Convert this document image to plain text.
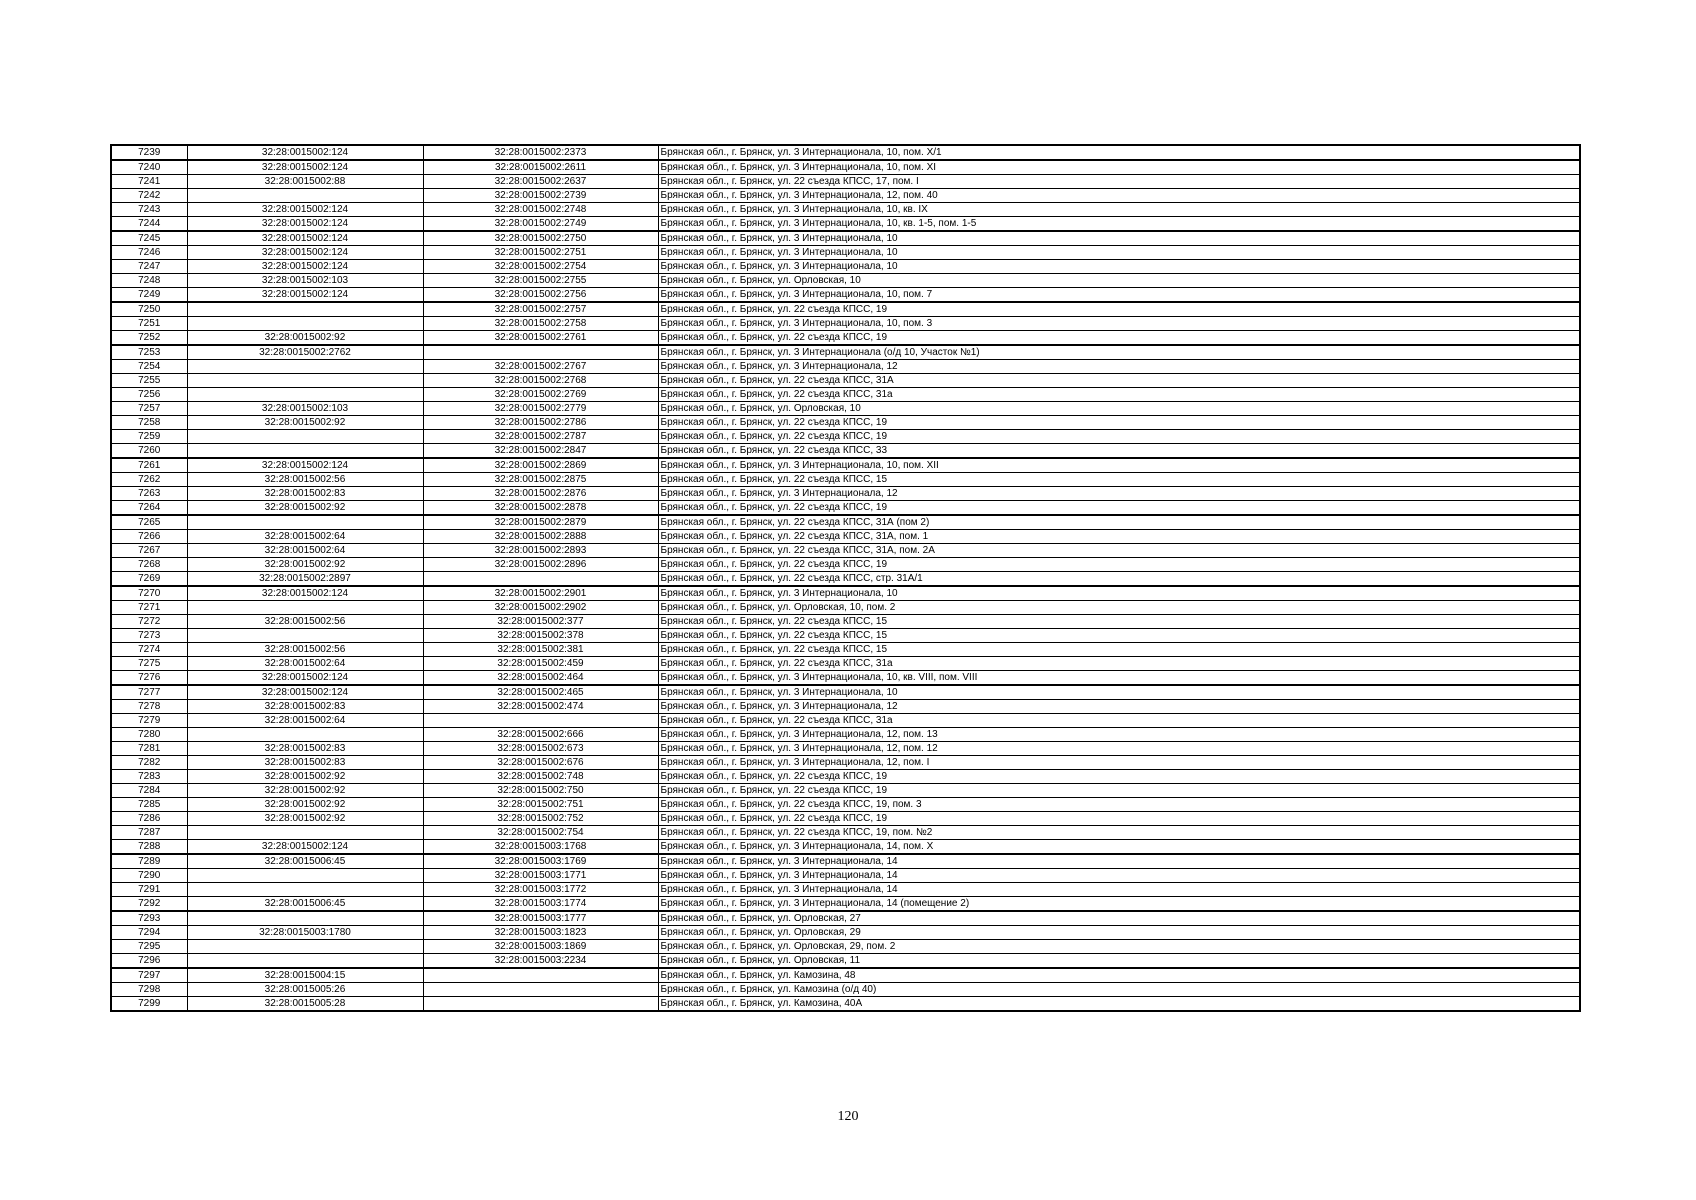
7239	32:28:0015002:124	32:28:0015002:2373	Брянская обл., г. Брянск, ул. 3 Интернационала, 10, пом. Х/1
7240	32:28:0015002:124	32:28:0015002:2611	Брянская обл., г. Брянск, ул. 3 Интернационала, 10, пом. XI
7241	32:28:0015002:88	32:28:0015002:2637	Брянская обл., г. Брянск, ул. 22 съезда КПСС, 17, пом. I
7242		32:28:0015002:2739	Брянская обл., г. Брянск, ул. 3 Интернационала, 12, пом. 40
7243	32:28:0015002:124	32:28:0015002:2748	Брянская обл., г. Брянск, ул. 3 Интернационала, 10, кв. IX
7244	32:28:0015002:124	32:28:0015002:2749	Брянская обл., г. Брянск, ул. 3 Интернационала, 10, кв. 1-5, пом. 1-5
7245	32:28:0015002:124	32:28:0015002:2750	Брянская обл., г. Брянск, ул. 3 Интернационала, 10
7246	32:28:0015002:124	32:28:0015002:2751	Брянская обл., г. Брянск, ул. 3 Интернационала, 10
7247	32:28:0015002:124	32:28:0015002:2754	Брянская обл., г. Брянск, ул. 3 Интернационала, 10
7248	32:28:0015002:103	32:28:0015002:2755	Брянская обл., г. Брянск, ул. Орловская, 10
7249	32:28:0015002:124	32:28:0015002:2756	Брянская обл., г. Брянск, ул. 3 Интернационала, 10, пом. 7
7250		32:28:0015002:2757	Брянская обл., г. Брянск, ул. 22 съезда КПСС, 19
7251		32:28:0015002:2758	Брянская обл., г. Брянск, ул. 3 Интернационала, 10, пом. 3
7252	32:28:0015002:92	32:28:0015002:2761	Брянская обл., г. Брянск, ул. 22 съезда КПСС, 19
7253	32:28:0015002:2762		Брянская обл., г. Брянск, ул. 3 Интернационала (о/д 10, Участок №1)
7254		32:28:0015002:2767	Брянская обл., г. Брянск, ул. 3 Интернационала, 12
7255		32:28:0015002:2768	Брянская обл., г. Брянск, ул. 22 съезда КПСС, 31А
7256		32:28:0015002:2769	Брянская обл., г. Брянск, ул. 22 съезда КПСС, 31а
7257	32:28:0015002:103	32:28:0015002:2779	Брянская обл., г. Брянск, ул. Орловская, 10
7258	32:28:0015002:92	32:28:0015002:2786	Брянская обл., г. Брянск, ул. 22 съезда КПСС, 19
7259		32:28:0015002:2787	Брянская обл., г. Брянск, ул. 22 съезда КПСС, 19
7260		32:28:0015002:2847	Брянская обл., г. Брянск, ул. 22 съезда КПСС, 33
7261	32:28:0015002:124	32:28:0015002:2869	Брянская обл., г. Брянск, ул. 3 Интернационала, 10, пом. XII
7262	32:28:0015002:56	32:28:0015002:2875	Брянская обл., г. Брянск, ул. 22 съезда КПСС, 15
7263	32:28:0015002:83	32:28:0015002:2876	Брянская обл., г. Брянск, ул. 3 Интернационала, 12
7264	32:28:0015002:92	32:28:0015002:2878	Брянская обл., г. Брянск, ул. 22 съезда КПСС, 19
7265		32:28:0015002:2879	Брянская обл., г. Брянск, ул. 22 съезда КПСС, 31А (пом 2)
7266	32:28:0015002:64	32:28:0015002:2888	Брянская обл., г. Брянск, ул. 22 съезда КПСС, 31А, пом. 1
7267	32:28:0015002:64	32:28:0015002:2893	Брянская обл., г. Брянск, ул. 22 съезда КПСС, 31А, пом. 2А
7268	32:28:0015002:92	32:28:0015002:2896	Брянская обл., г. Брянск, ул. 22 съезда КПСС, 19
7269	32:28:0015002:2897		Брянская обл., г. Брянск, ул. 22 съезда КПСС, стр. 31А/1
7270	32:28:0015002:124	32:28:0015002:2901	Брянская обл., г. Брянск, ул. 3 Интернационала, 10
7271		32:28:0015002:2902	Брянская обл., г. Брянск, ул. Орловская, 10, пом. 2
7272	32:28:0015002:56	32:28:0015002:377	Брянская обл., г. Брянск, ул. 22 съезда КПСС, 15
7273		32:28:0015002:378	Брянская обл., г. Брянск, ул. 22 съезда КПСС, 15
7274	32:28:0015002:56	32:28:0015002:381	Брянская обл., г. Брянск, ул. 22 съезда КПСС, 15
7275	32:28:0015002:64	32:28:0015002:459	Брянская обл., г. Брянск, ул. 22 съезда КПСС, 31а
7276	32:28:0015002:124	32:28:0015002:464	Брянская обл., г. Брянск, ул. 3 Интернационала, 10, кв. VIII, пом. VIII
7277	32:28:0015002:124	32:28:0015002:465	Брянская обл., г. Брянск, ул. 3 Интернационала, 10
7278	32:28:0015002:83	32:28:0015002:474	Брянская обл., г. Брянск, ул. 3 Интернационала, 12
7279	32:28:0015002:64		Брянская обл., г. Брянск, ул. 22 съезда КПСС, 31а
7280		32:28:0015002:666	Брянская обл., г. Брянск, ул. 3 Интернационала, 12, пом. 13
7281	32:28:0015002:83	32:28:0015002:673	Брянская обл., г. Брянск, ул. 3 Интернационала, 12, пом. 12
7282	32:28:0015002:83	32:28:0015002:676	Брянская обл., г. Брянск, ул. 3 Интернационала, 12, пом. I
7283	32:28:0015002:92	32:28:0015002:748	Брянская обл., г. Брянск, ул. 22 съезда КПСС, 19
7284	32:28:0015002:92	32:28:0015002:750	Брянская обл., г. Брянск, ул. 22 съезда КПСС, 19
7285	32:28:0015002:92	32:28:0015002:751	Брянская обл., г. Брянск, ул. 22 съезда КПСС, 19, пом. 3
7286	32:28:0015002:92	32:28:0015002:752	Брянская обл., г. Брянск, ул. 22 съезда КПСС, 19
7287		32:28:0015002:754	Брянская обл., г. Брянск, ул. 22 съезда КПСС, 19, пом. №2
7288	32:28:0015002:124	32:28:0015003:1768	Брянская обл., г. Брянск, ул. 3 Интернационала, 14, пом. Х
7289	32:28:0015006:45	32:28:0015003:1769	Брянская обл., г. Брянск, ул. 3 Интернационала, 14
7290		32:28:0015003:1771	Брянская обл., г. Брянск, ул. 3 Интернационала, 14
7291		32:28:0015003:1772	Брянская обл., г. Брянск, ул. 3 Интернационала, 14
7292	32:28:0015006:45	32:28:0015003:1774	Брянская обл., г. Брянск, ул. 3 Интернационала, 14 (помещение 2)
7293		32:28:0015003:1777	Брянская обл., г. Брянск, ул. Орловская, 27
7294	32:28:0015003:1780	32:28:0015003:1823	Брянская обл., г. Брянск, ул. Орловская, 29
7295		32:28:0015003:1869	Брянская обл., г. Брянск, ул. Орловская, 29, пом. 2
7296		32:28:0015003:2234	Брянская обл., г. Брянск, ул. Орловская, 11
7297	32:28:0015004:15		Брянская обл., г. Брянск, ул. Камозина, 48
7298	32:28:0015005:26		Брянская обл., г. Брянск, ул. Камозина (о/д 40)
7299	32:28:0015005:28		Брянская обл., г. Брянск, ул. Камозина, 40А
120
